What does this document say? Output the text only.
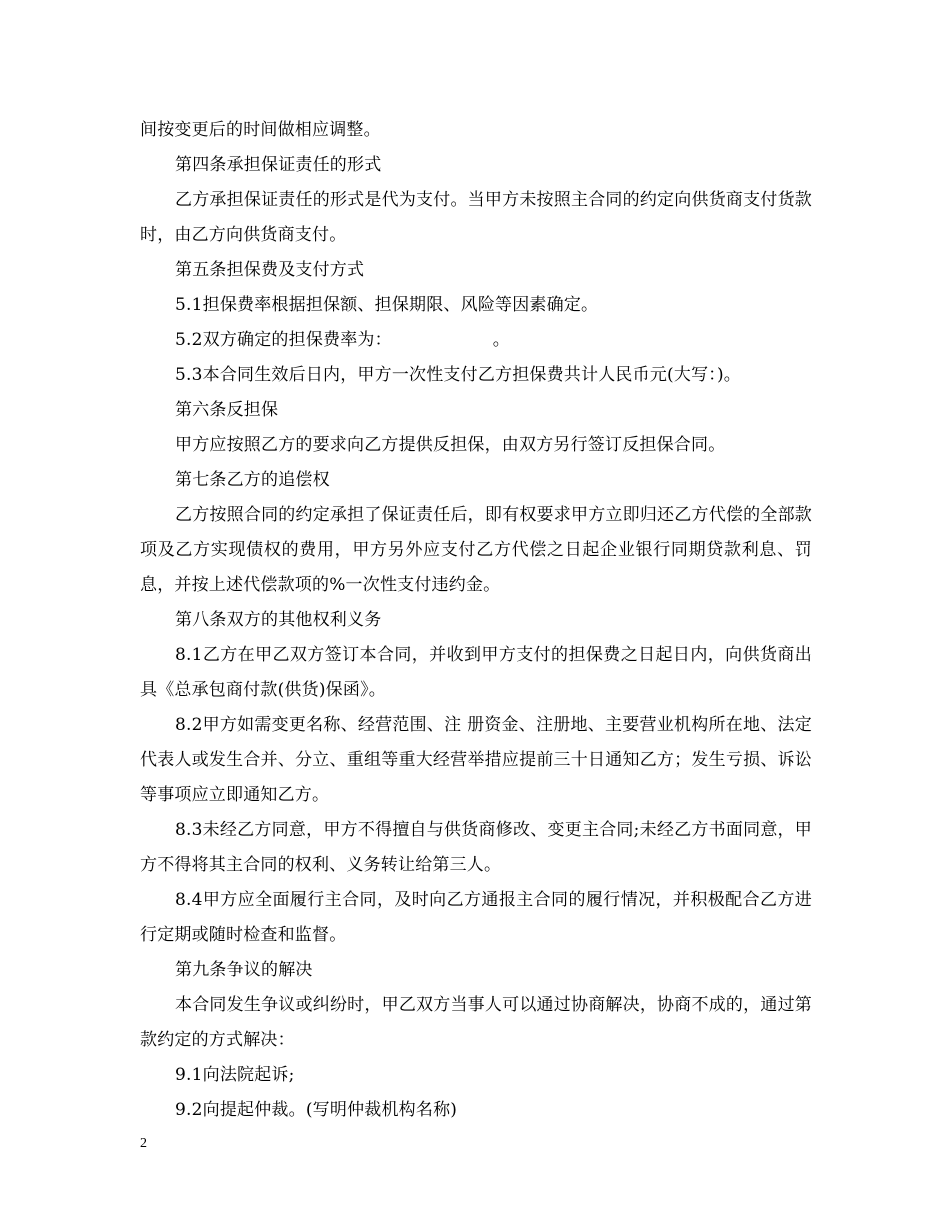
间按变更后的时间做相应调整。

第四条承担保证责任的形式

乙方承担保证责任的形式是代为支付。当甲方未按照主合同的约定向供货商支付货款时，由乙方向供货商支付。

第五条担保费及支付方式

5.1担保费率根据担保额、担保期限、风险等因素确定。

5.2双方确定的担保费率为：                  。

5.3本合同生效后日内，甲方一次性支付乙方担保费共计人民币元(大写：)。

第六条反担保

甲方应按照乙方的要求向乙方提供反担保，由双方另行签订反担保合同。

第七条乙方的追偿权

乙方按照合同的约定承担了保证责任后，即有权要求甲方立即归还乙方代偿的全部款项及乙方实现债权的费用，甲方另外应支付乙方代偿之日起企业银行同期贷款利息、罚息，并按上述代偿款项的%一次性支付违约金。

第八条双方的其他权利义务

8.1乙方在甲乙双方签订本合同，并收到甲方支付的担保费之日起日内，向供货商出具《总承包商付款(供货)保函》。

8.2甲方如需变更名称、经营范围、注 册资金、注册地、主要营业机构所在地、法定代表人或发生合并、分立、重组等重大经营举措应提前三十日通知乙方；发生亏损、诉讼等事项应立即通知乙方。

8.3未经乙方同意，甲方不得擅自与供货商修改、变更主合同;未经乙方书面同意，甲方不得将其主合同的权利、义务转让给第三人。

8.4甲方应全面履行主合同，及时向乙方通报主合同的履行情况，并积极配合乙方进行定期或随时检查和监督。

第九条争议的解决

本合同发生争议或纠纷时，甲乙双方当事人可以通过协商解决，协商不成的，通过第款约定的方式解决：

9.1向法院起诉;

9.2向提起仲裁。(写明仲裁机构名称)

2
